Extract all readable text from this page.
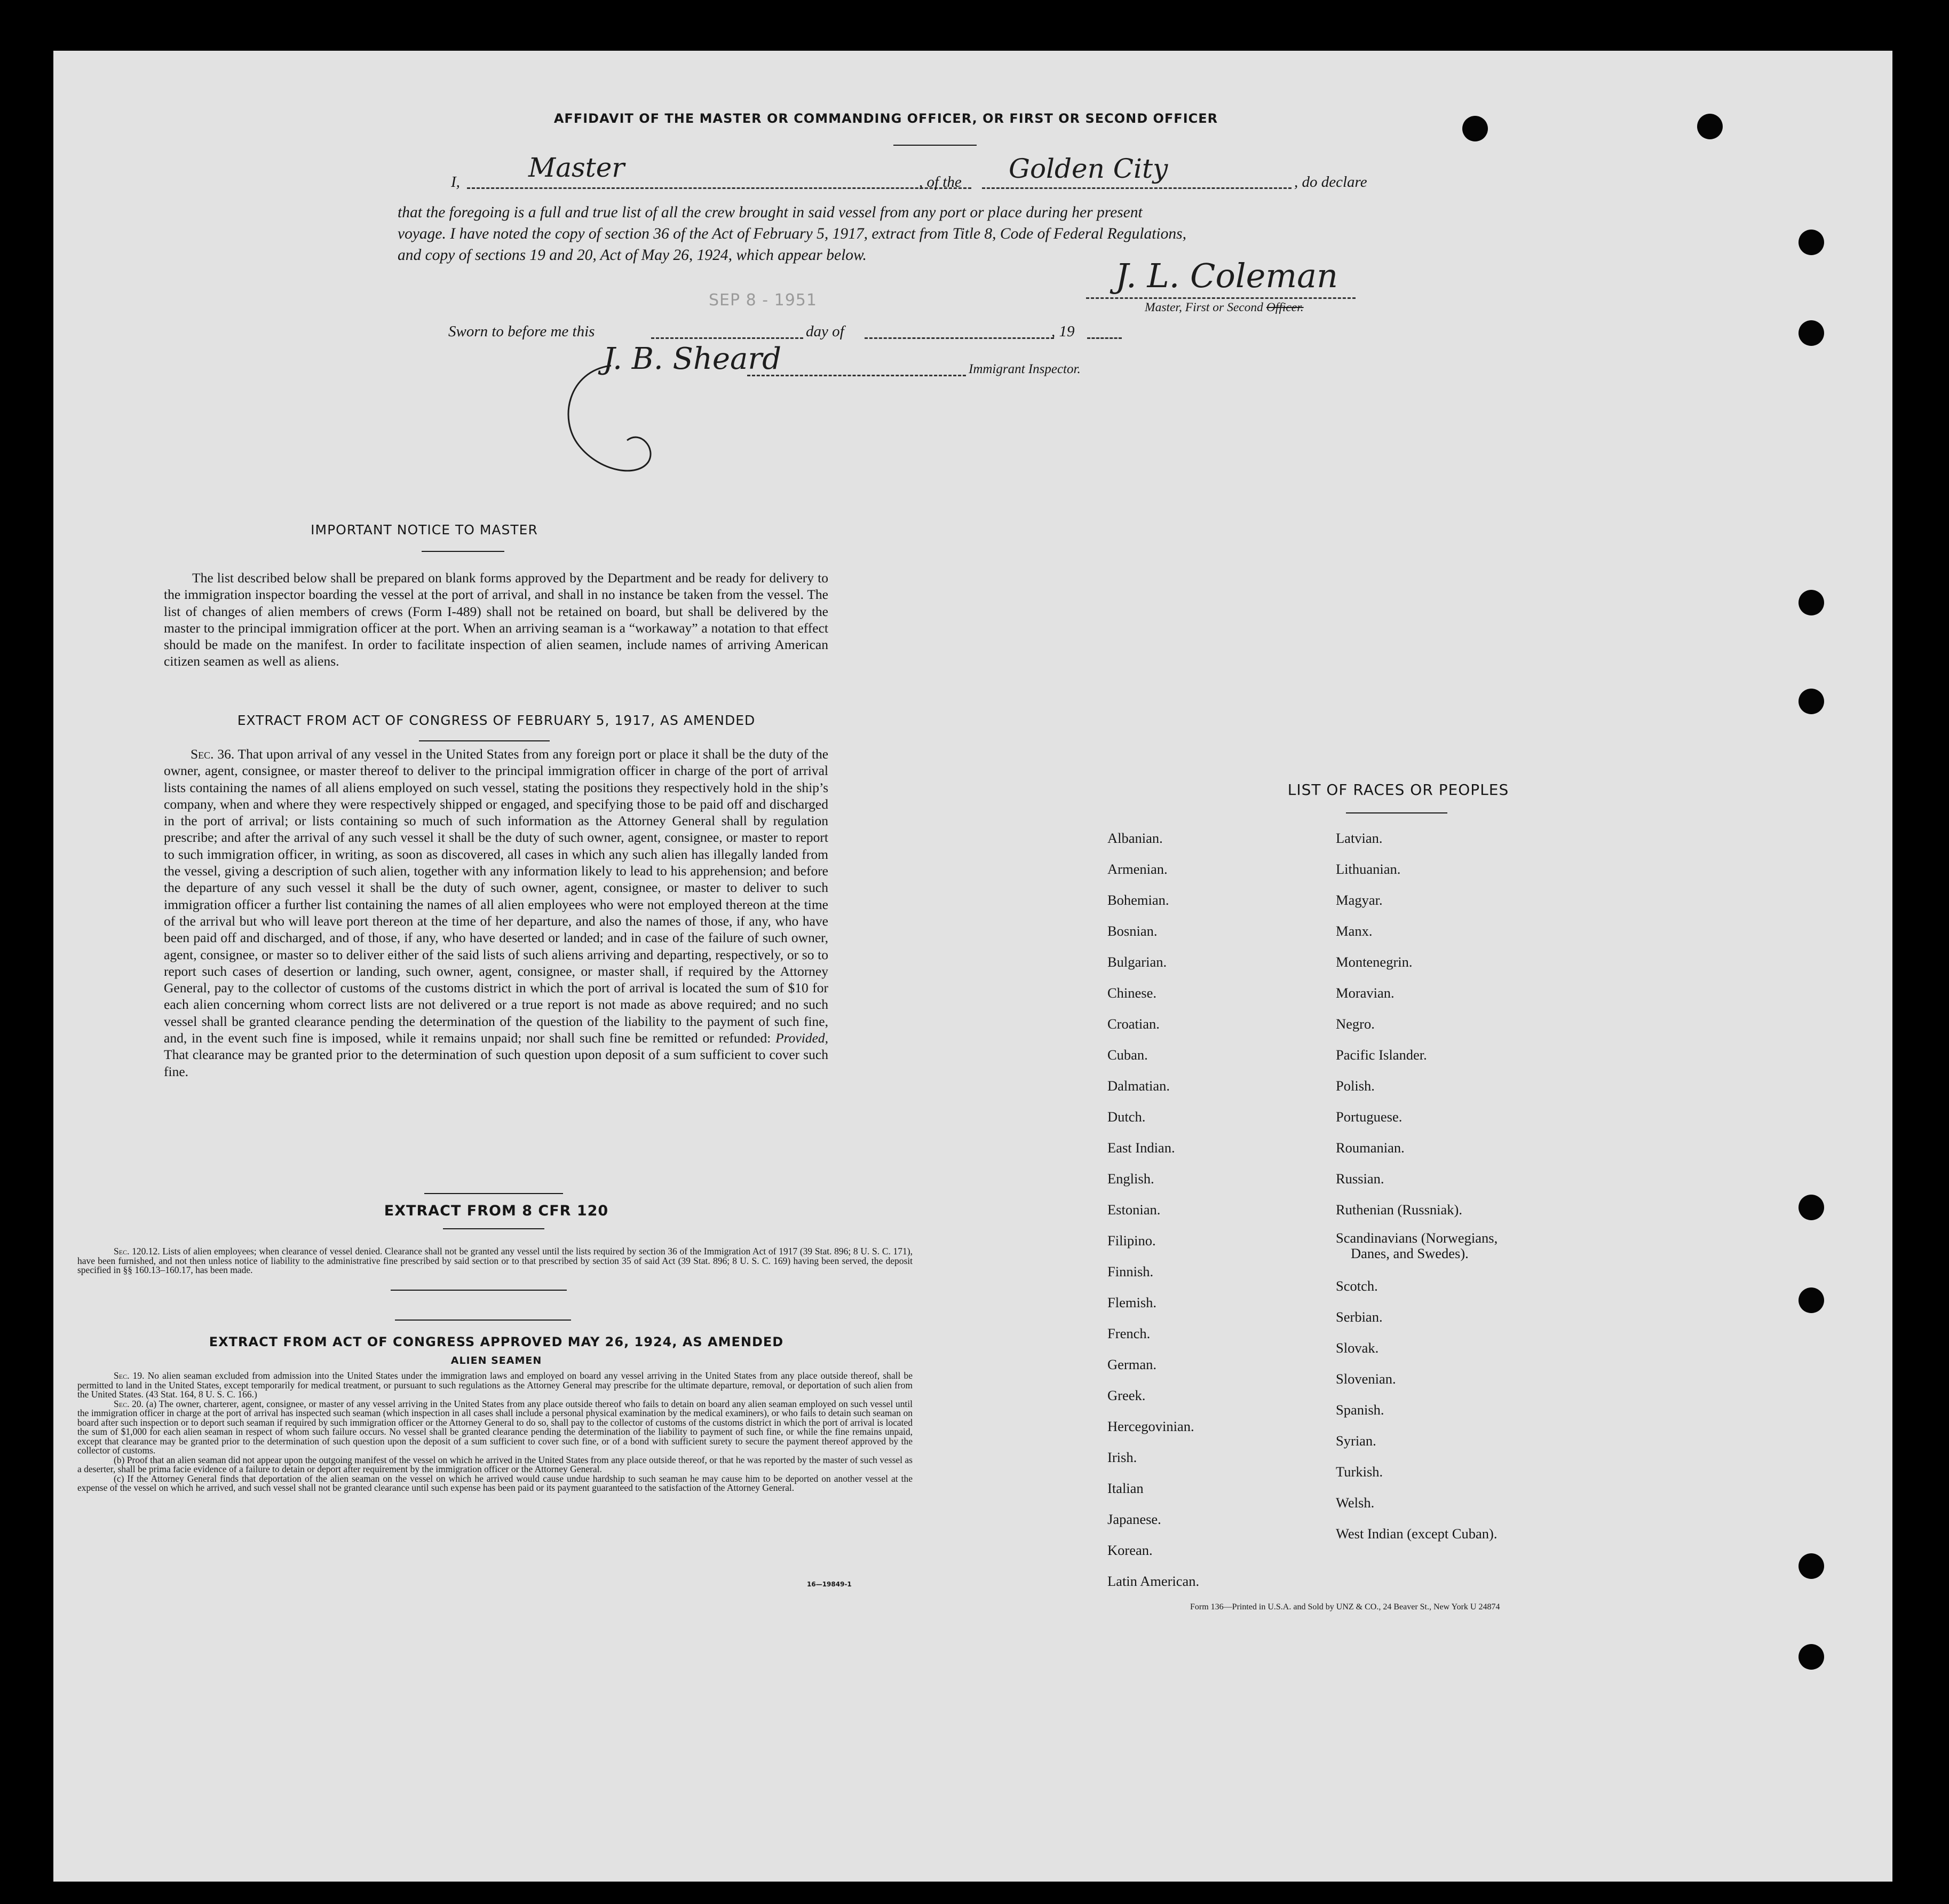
AFFIDAVIT OF THE MASTER OR COMMANDING OFFICER, OR FIRST OR SECOND OFFICER
I,	Master	, of the Golden City	, do declare
that the foregoing is a full and true list of all the crew brought in said vessel from any port or place during her present
voyage. I have noted the copy of section 36 of the Act of February 5, 1917, extract from Title 8, Code of Federal Regulations,
and copy of sections 19 and 20, Act of May 26, 1924, which appear below.
J. L. Coleman
Master, First or Second Officer.
SEP 8 - 1951
Sworn to before me this	day of	, 19
J. B. Sheard	Immigrant Inspector.
IMPORTANT NOTICE TO MASTER
The list described below shall be prepared on blank forms approved by the Department and be ready for delivery to the immigration inspector boarding the vessel at the port of arrival, and shall in no instance be taken from the vessel. The list of changes of alien members of crews (Form I-489) shall not be retained on board, but shall be delivered by the master to the principal immigration officer at the port. When an arriving seaman is a “workaway” a notation to that effect should be made on the manifest. In order to facilitate inspection of alien seamen, include names of arriving American citizen seamen as well as aliens.
EXTRACT FROM ACT OF CONGRESS OF FEBRUARY 5, 1917, AS AMENDED
Sec. 36. That upon arrival of any vessel in the United States from any foreign port or place it shall be the duty of the owner, agent, consignee, or master thereof to deliver to the principal immigration officer in charge of the port of arrival lists containing the names of all aliens employed on such vessel, stating the positions they respectively hold in the ship’s company, when and where they were respectively shipped or engaged, and specifying those to be paid off and discharged in the port of arrival; or lists containing so much of such information as the Attorney General shall by regulation prescribe; and after the arrival of any such vessel it shall be the duty of such owner, agent, consignee, or master to report to such immigration officer, in writing, as soon as discovered, all cases in which any such alien has illegally landed from the vessel, giving a description of such alien, together with any information likely to lead to his apprehension; and before the departure of any such vessel it shall be the duty of such owner, agent, consignee, or master to deliver to such immigration officer a further list containing the names of all alien employees who were not employed thereon at the time of the arrival but who will leave port thereon at the time of her departure, and also the names of those, if any, who have been paid off and discharged, and of those, if any, who have deserted or landed; and in case of the failure of such owner, agent, consignee, or master so to deliver either of the said lists of such aliens arriving and departing, respectively, or so to report such cases of desertion or landing, such owner, agent, consignee, or master shall, if required by the Attorney General, pay to the collector of customs of the customs district in which the port of arrival is located the sum of $10 for each alien concerning whom correct lists are not delivered or a true report is not made as above required; and no such vessel shall be granted clearance pending the determination of the question of the liability to the payment of such fine, and, in the event such fine is imposed, while it remains unpaid; nor shall such fine be remitted or refunded: Provided, That clearance may be granted prior to the determination of such question upon deposit of a sum sufficient to cover such fine.
EXTRACT FROM 8 CFR 120
Sec. 120.12. Lists of alien employees; when clearance of vessel denied. Clearance shall not be granted any vessel until the lists required by section 36 of the Immigration Act of 1917 (39 Stat. 896; 8 U. S. C. 171), have been furnished, and not then unless notice of liability to the administrative fine prescribed by said section or to that prescribed by section 35 of said Act (39 Stat. 896; 8 U. S. C. 169) having been served, the deposit specified in §§ 160.13–160.17, has been made.
EXTRACT FROM ACT OF CONGRESS APPROVED MAY 26, 1924, AS AMENDED
ALIEN SEAMEN
Sec. 19. No alien seaman excluded from admission into the United States under the immigration laws and employed on board any vessel arriving in the United States from any place outside thereof, shall be permitted to land in the United States, except temporarily for medical treatment, or pursuant to such regulations as the Attorney General may prescribe for the ultimate departure, removal, or deportation of such alien from the United States. (43 Stat. 164, 8 U. S. C. 166.)
Sec. 20. (a) The owner, charterer, agent, consignee, or master of any vessel arriving in the United States from any place outside thereof who fails to detain on board any alien seaman employed on such vessel until the immigration officer in charge at the port of arrival has inspected such seaman (which inspection in all cases shall include a personal physical examination by the medical examiners), or who fails to detain such seaman on board after such inspection or to deport such seaman if required by such immigration officer or the Attorney General to do so, shall pay to the collector of customs of the customs district in which the port of arrival is located the sum of $1,000 for each alien seaman in respect of whom such failure occurs. No vessel shall be granted clearance pending the determination of the liability to payment of such fine, or while the fine remains unpaid, except that clearance may be granted prior to the determination of such question upon the deposit of a sum sufficient to cover such fine, or of a bond with sufficient surety to secure the payment thereof approved by the collector of customs.
(b) Proof that an alien seaman did not appear upon the outgoing manifest of the vessel on which he arrived in the United States from any place outside thereof, or that he was reported by the master of such vessel as a deserter, shall be prima facie evidence of a failure to detain or deport after requirement by the immigration officer or the Attorney General.
(c) If the Attorney General finds that deportation of the alien seaman on the vessel on which he arrived would cause undue hardship to such seaman he may cause him to be deported on another vessel at the expense of the vessel on which he arrived, and such vessel shall not be granted clearance until such expense has been paid or its payment guaranteed to the satisfaction of the Attorney General.
16—19849-1
LIST OF RACES OR PEOPLES
Albanian.
Armenian.
Bohemian.
Bosnian.
Bulgarian.
Chinese.
Croatian.
Cuban.
Dalmatian.
Dutch.
East Indian.
English.
Estonian.
Filipino.
Finnish.
Flemish.
French.
German.
Greek.
Hercegovinian.
Irish.
Italian
Japanese.
Korean.
Latin American.
Latvian.
Lithuanian.
Magyar.
Manx.
Montenegrin.
Moravian.
Negro.
Pacific Islander.
Polish.
Portuguese.
Roumanian.
Russian.
Ruthenian (Russniak).
Scandinavians (Norwegians,
Danes, and Swedes).
Scotch.
Serbian.
Slovak.
Slovenian.
Spanish.
Syrian.
Turkish.
Welsh.
West Indian (except Cuban).
Form 136—Printed in U.S.A. and Sold by UNZ & CO., 24 Beaver St., New York U 24874
